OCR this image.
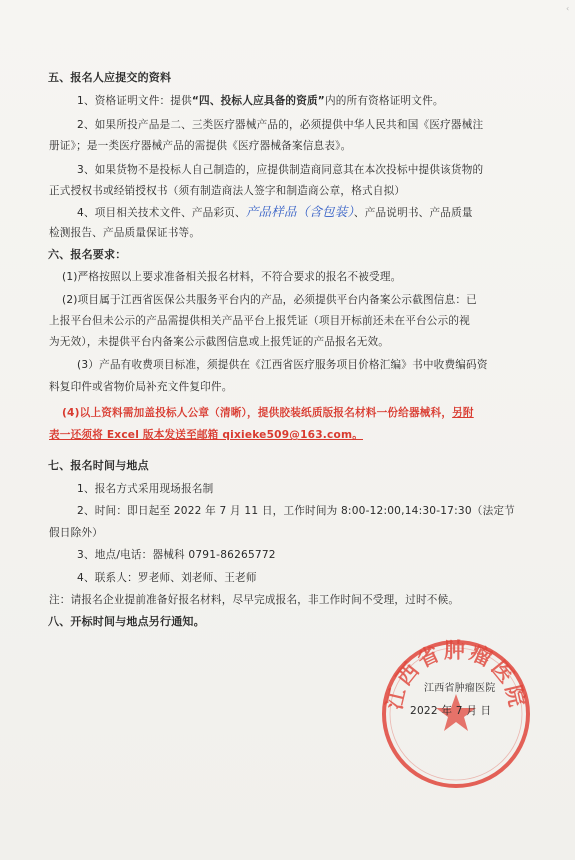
‹
五、报名人应提交的资料
1、资格证明文件：提供“四、投标人应具备的资质”内的所有资格证明文件。
2、如果所投产品是二、三类医疗器械产品的，必须提供中华人民共和国《医疗器械注
册证》；是一类医疗器械产品的需提供《医疗器械备案信息表》。
3、如果货物不是投标人自己制造的，应提供制造商同意其在本次投标中提供该货物的
正式授权书或经销授权书（须有制造商法人签字和制造商公章，格式自拟）
4、项目相关技术文件、产品彩页、产品样品（含包装）、产品说明书、产品质量
检测报告、产品质量保证书等。
六、报名要求：
(1)严格按照以上要求准备相关报名材料，不符合要求的报名不被受理。
(2)项目属于江西省医保公共服务平台内的产品，必须提供平台内备案公示截图信息：已
上报平台但未公示的产品需提供相关产品平台上报凭证（项目开标前还未在平台公示的视
为无效），未提供平台内备案公示截图信息或上报凭证的产品报名无效。
(3）产品有收费项目标准，须提供在《江西省医疗服务项目价格汇编》书中收费编码资
料复印件或省物价局补充文件复印件。
(4)以上资料需加盖投标人公章（清晰），提供胶装纸质版报名材料一份给器械科，另附
表一还须将 Excel 版本发送至邮箱 qixieke509@163.com。
七、报名时间与地点
1、报名方式采用现场报名制
2、时间：即日起至 2022 年 7 月 11 日，工作时间为 8:00-12:00,14:30-17:30（法定节
假日除外）
3、地点/电话：器械科 0791-86265772
4、联系人：罗老师、刘老师、王老师
注：请报名企业提前准备好报名材料，尽早完成报名，非工作时间不受理，过时不候。
八、开标时间与地点另行通知。
江西省肿瘤医院
江西省肿瘤医院
2022 年 7 月 日
